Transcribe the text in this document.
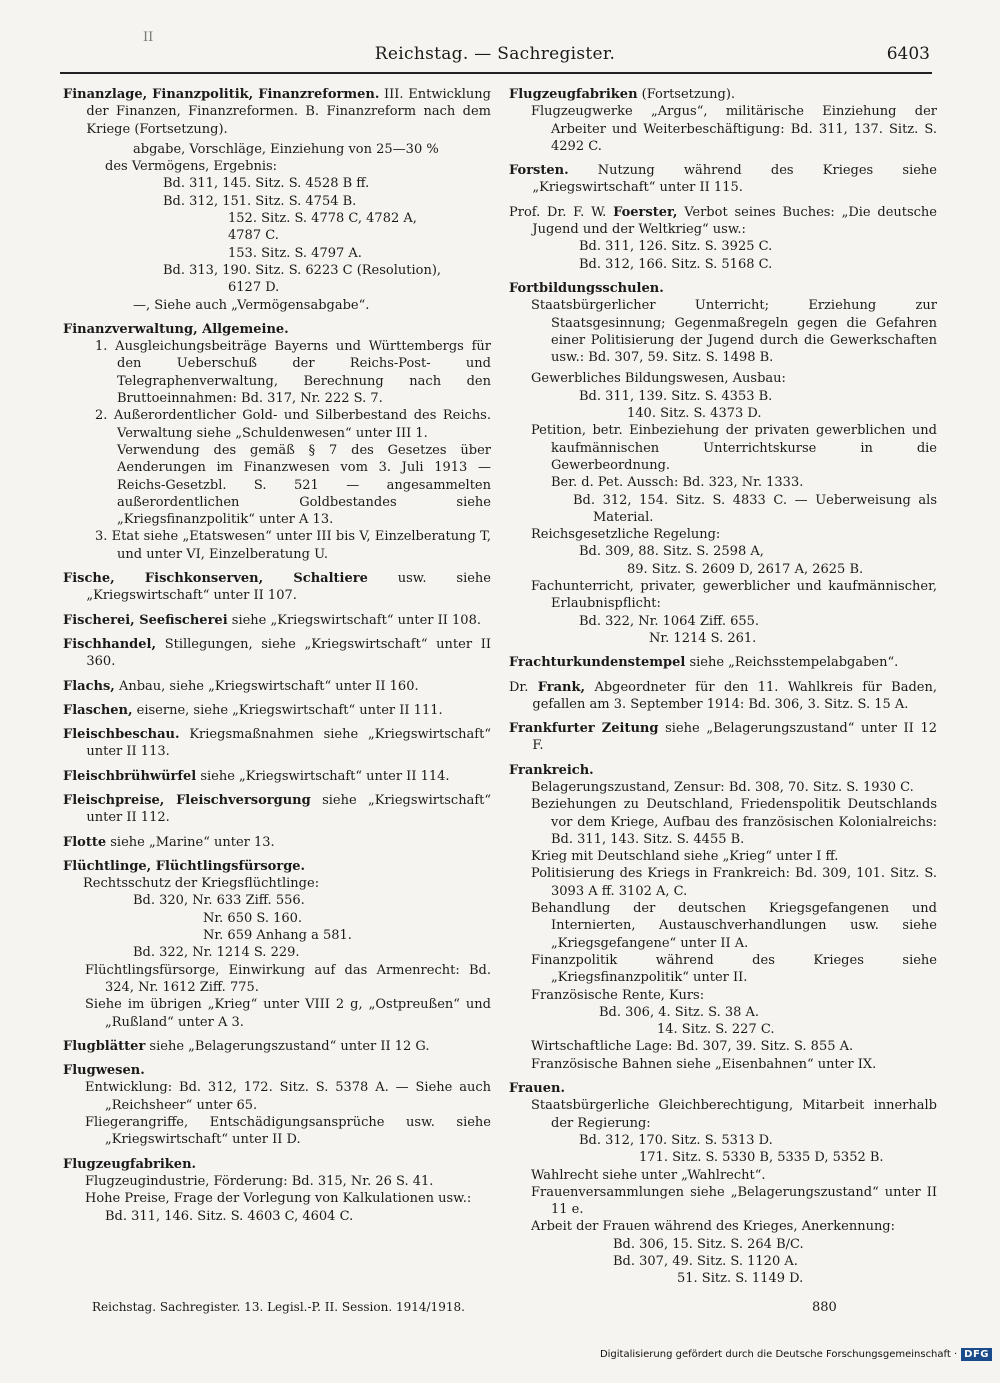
II
Reichstag. — Sachregister.	6403
Finanzlage, Finanzpolitik, Finanzreformen. III. Entwicklung der Finanzen, Finanzreformen. B. Finanzreform nach dem Kriege (Fortsetzung).
abgabe, Vorschläge, Einziehung von 25—30 %
des Vermögens, Ergebnis:
Bd. 311, 145. Sitz. S. 4528 B ff.
Bd. 312, 151. Sitz. S. 4754 B.
152. Sitz. S. 4778 C, 4782 A,
4787 C.
153. Sitz. S. 4797 A.
Bd. 313, 190. Sitz. S. 6223 C (Resolution),
6127 D.
—, Siehe auch „Vermögensabgabe“.
Finanzverwaltung, Allgemeine.
1. Ausgleichungsbeiträge Bayerns und Württembergs für den Ueberschuß der Reichs-Post- und Telegraphenverwaltung, Berechnung nach den Bruttoeinnahmen: Bd. 317, Nr. 222 S. 7.
2. Außerordentlicher Gold- und Silberbestand des Reichs. Verwaltung siehe „Schuldenwesen“ unter III 1.
Verwendung des gemäß § 7 des Gesetzes über Aenderungen im Finanzwesen vom 3. Juli 1913 — Reichs-Gesetzbl. S. 521 — angesammelten außerordentlichen Goldbestandes siehe „Kriegsfinanzpolitik“ unter A 13.
3. Etat siehe „Etatswesen“ unter III bis V, Einzelberatung T, und unter VI, Einzelberatung U.
Fische, Fischkonserven, Schaltiere usw. siehe „Kriegswirtschaft“ unter II 107.
Fischerei, Seefischerei siehe „Kriegswirtschaft“ unter II 108.
Fischhandel, Stillegungen, siehe „Kriegswirtschaft“ unter II 360.
Flachs, Anbau, siehe „Kriegswirtschaft“ unter II 160.
Flaschen, eiserne, siehe „Kriegswirtschaft“ unter II 111.
Fleischbeschau. Kriegsmaßnahmen siehe „Kriegswirtschaft“ unter II 113.
Fleischbrühwürfel siehe „Kriegswirtschaft“ unter II 114.
Fleischpreise, Fleischversorgung siehe „Kriegswirtschaft“ unter II 112.
Flotte siehe „Marine“ unter 13.
Flüchtlinge, Flüchtlingsfürsorge.
Rechtsschutz der Kriegsflüchtlinge:
Bd. 320, Nr. 633 Ziff. 556.
Nr. 650 S. 160.
Nr. 659 Anhang a 581.
Bd. 322, Nr. 1214 S. 229.
Flüchtlingsfürsorge, Einwirkung auf das Armenrecht: Bd. 324, Nr. 1612 Ziff. 775.
Siehe im übrigen „Krieg“ unter VIII 2 g, „Ostpreußen“ und „Rußland“ unter A 3.
Flugblätter siehe „Belagerungszustand“ unter II 12 G.
Flugwesen.
Entwicklung: Bd. 312, 172. Sitz. S. 5378 A. — Siehe auch „Reichsheer“ unter 65.
Fliegerangriffe, Entschädigungsansprüche usw. siehe „Kriegswirtschaft“ unter II D.
Flugzeugfabriken.
Flugzeugindustrie, Förderung: Bd. 315, Nr. 26 S. 41.
Hohe Preise, Frage der Vorlegung von Kalkulationen usw.:
Bd. 311, 146. Sitz. S. 4603 C, 4604 C.
Flugzeugfabriken (Fortsetzung).
Flugzeugwerke „Argus“, militärische Einziehung der Arbeiter und Weiterbeschäftigung: Bd. 311, 137. Sitz. S. 4292 C.
Forsten. Nutzung während des Krieges siehe „Kriegswirtschaft“ unter II 115.
Prof. Dr. F. W. Foerster, Verbot seines Buches: „Die deutsche Jugend und der Weltkrieg“ usw.:
Bd. 311, 126. Sitz. S. 3925 C.
Bd. 312, 166. Sitz. S. 5168 C.
Fortbildungsschulen.
Staatsbürgerlicher Unterricht; Erziehung zur Staatsgesinnung; Gegenmaßregeln gegen die Gefahren einer Politisierung der Jugend durch die Gewerkschaften usw.: Bd. 307, 59. Sitz. S. 1498 B.
Gewerbliches Bildungswesen, Ausbau:
Bd. 311, 139. Sitz. S. 4353 B.
140. Sitz. S. 4373 D.
Petition, betr. Einbeziehung der privaten gewerblichen und kaufmännischen Unterrichtskurse in die Gewerbeordnung.
Ber. d. Pet. Aussch: Bd. 323, Nr. 1333.
Bd. 312, 154. Sitz. S. 4833 C. — Ueberweisung als Material.
Reichsgesetzliche Regelung:
Bd. 309, 88. Sitz. S. 2598 A,
89. Sitz. S. 2609 D, 2617 A, 2625 B.
Fachunterricht, privater, gewerblicher und kaufmännischer, Erlaubnispflicht:
Bd. 322, Nr. 1064 Ziff. 655.
Nr. 1214 S. 261.
Frachturkundenstempel siehe „Reichsstempelabgaben“.
Dr. Frank, Abgeordneter für den 11. Wahlkreis für Baden, gefallen am 3. September 1914: Bd. 306, 3. Sitz. S. 15 A.
Frankfurter Zeitung siehe „Belagerungszustand“ unter II 12 F.
Frankreich.
Belagerungszustand, Zensur: Bd. 308, 70. Sitz. S. 1930 C.
Beziehungen zu Deutschland, Friedenspolitik Deutschlands vor dem Kriege, Aufbau des französischen Kolonialreichs: Bd. 311, 143. Sitz. S. 4455 B.
Krieg mit Deutschland siehe „Krieg“ unter I ff.
Politisierung des Kriegs in Frankreich: Bd. 309, 101. Sitz. S. 3093 A ff. 3102 A, C.
Behandlung der deutschen Kriegsgefangenen und Internierten, Austauschverhandlungen usw. siehe „Kriegsgefangene“ unter II A.
Finanzpolitik während des Krieges siehe „Kriegsfinanzpolitik“ unter II.
Französische Rente, Kurs:
Bd. 306, 4. Sitz. S. 38 A.
14. Sitz. S. 227 C.
Wirtschaftliche Lage: Bd. 307, 39. Sitz. S. 855 A.
Französische Bahnen siehe „Eisenbahnen“ unter IX.
Frauen.
Staatsbürgerliche Gleichberechtigung, Mitarbeit innerhalb der Regierung:
Bd. 312, 170. Sitz. S. 5313 D.
171. Sitz. S. 5330 B, 5335 D, 5352 B.
Wahlrecht siehe unter „Wahlrecht“.
Frauenversammlungen siehe „Belagerungszustand“ unter II 11 e.
Arbeit der Frauen während des Krieges, Anerkennung:
Bd. 306, 15. Sitz. S. 264 B/C.
Bd. 307, 49. Sitz. S. 1120 A.
51. Sitz. S. 1149 D.
Reichstag. Sachregister. 13. Legisl.-P. II. Session. 1914/1918.	880
Digitalisierung gefördert durch die Deutsche Forschungsgemeinschaft · DFG
